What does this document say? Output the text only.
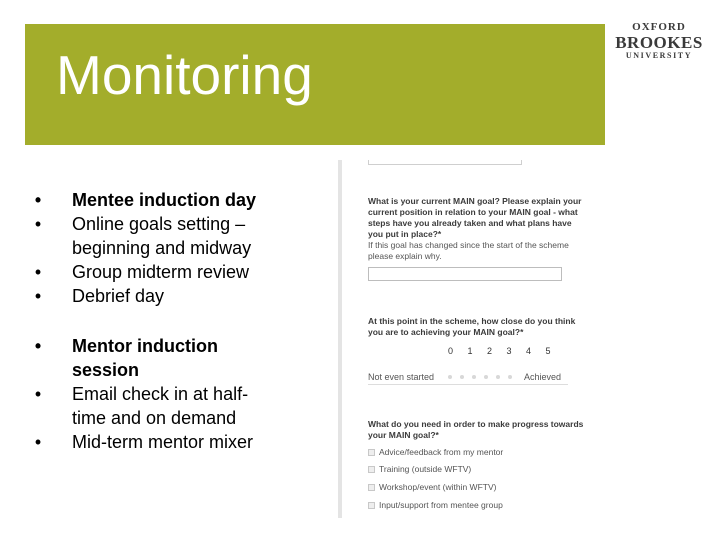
Monitoring
OXFORD
BROOKES
UNIVERSITY
•	Mentee induction day
•	Online goals setting – beginning and midway
•	Group midterm review
•	Debrief day
•	Mentor induction session
•	Email check in at half-time and on demand
•	Mid-term mentor mixer
What is your current MAIN goal? Please explain your
current position in relation to your MAIN goal - what
steps have you already taken and what plans have
you put in place?*
If this goal has changed since the start of the scheme
please explain why.
At this point in the scheme, how close do you think
you are to achieving your MAIN goal?*
0 1 2 3 4 5
Not even started	Achieved
What do you need in order to make progress towards
your MAIN goal?*
Advice/feedback from my mentor
Training (outside WFTV)
Workshop/event (within WFTV)
Input/support from mentee group
